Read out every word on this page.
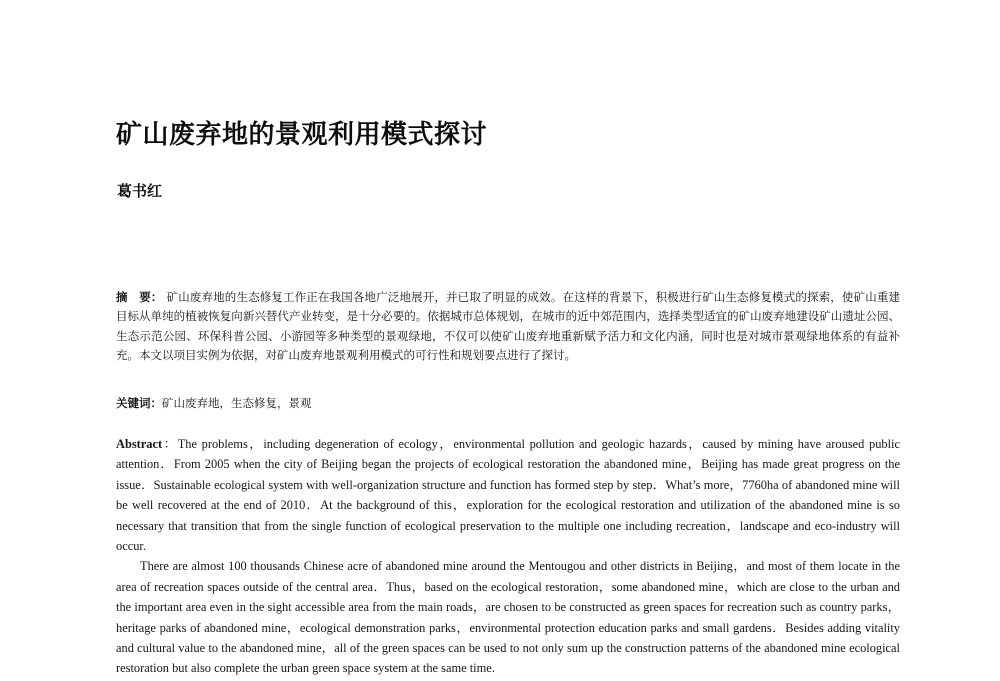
矿山废弃地的景观利用模式探讨
葛书红
摘　要： 矿山废弃地的生态修复工作正在我国各地广泛地展开，并已取了明显的成效。在这样的背景下，积极进行矿山生态修复模式的探索，使矿山重建目标从单纯的植被恢复向新兴替代产业转变，是十分必要的。依据城市总体规划，在城市的近中郊范围内，选择类型适宜的矿山废弃地建设矿山遗址公园、生态示范公园、环保科普公园、小游园等多种类型的景观绿地，不仅可以使矿山废弃地重新赋予活力和文化内涵，同时也是对城市景观绿地体系的有益补充。本文以项目实例为依据，对矿山废弃地景观利用模式的可行性和规划要点进行了探讨。
关键词：矿山废弃地，生态修复，景观

Abstract：The problems，including degeneration of ecology，environmental pollution and geologic hazards，caused by mining have aroused public attention．From 2005 when the city of Beijing began the projects of ecological restoration the abandoned mine，Beijing has made great progress on the issue．Sustainable ecological system with well-organization structure and function has formed step by step．What’s more，7760ha of abandoned mine will be well recovered at the end of 2010．At the background of this，exploration for the ecological restoration and utilization of the abandoned mine is so necessary that transition that from the single function of ecological preservation to the multiple one including recreation，landscape and eco-industry will occur.

There are almost 100 thousands Chinese acre of abandoned mine around the Mentougou and other districts in Beijing，and most of them locate in the area of recreation spaces outside of the central area．Thus，based on the ecological restoration，some abandoned mine，which are close to the urban and the important area even in the sight accessible area from the main roads，are chosen to be constructed as green spaces for recreation such as country parks，heritage parks of abandoned mine，ecological demonstration parks，environmental protection education parks and small gardens．Besides adding vitality and cultural value to the abandoned mine，all of the green spaces can be used to not only sum up the construction patterns of the abandoned mine ecological restoration but also complete the urban green space system at the same time.
